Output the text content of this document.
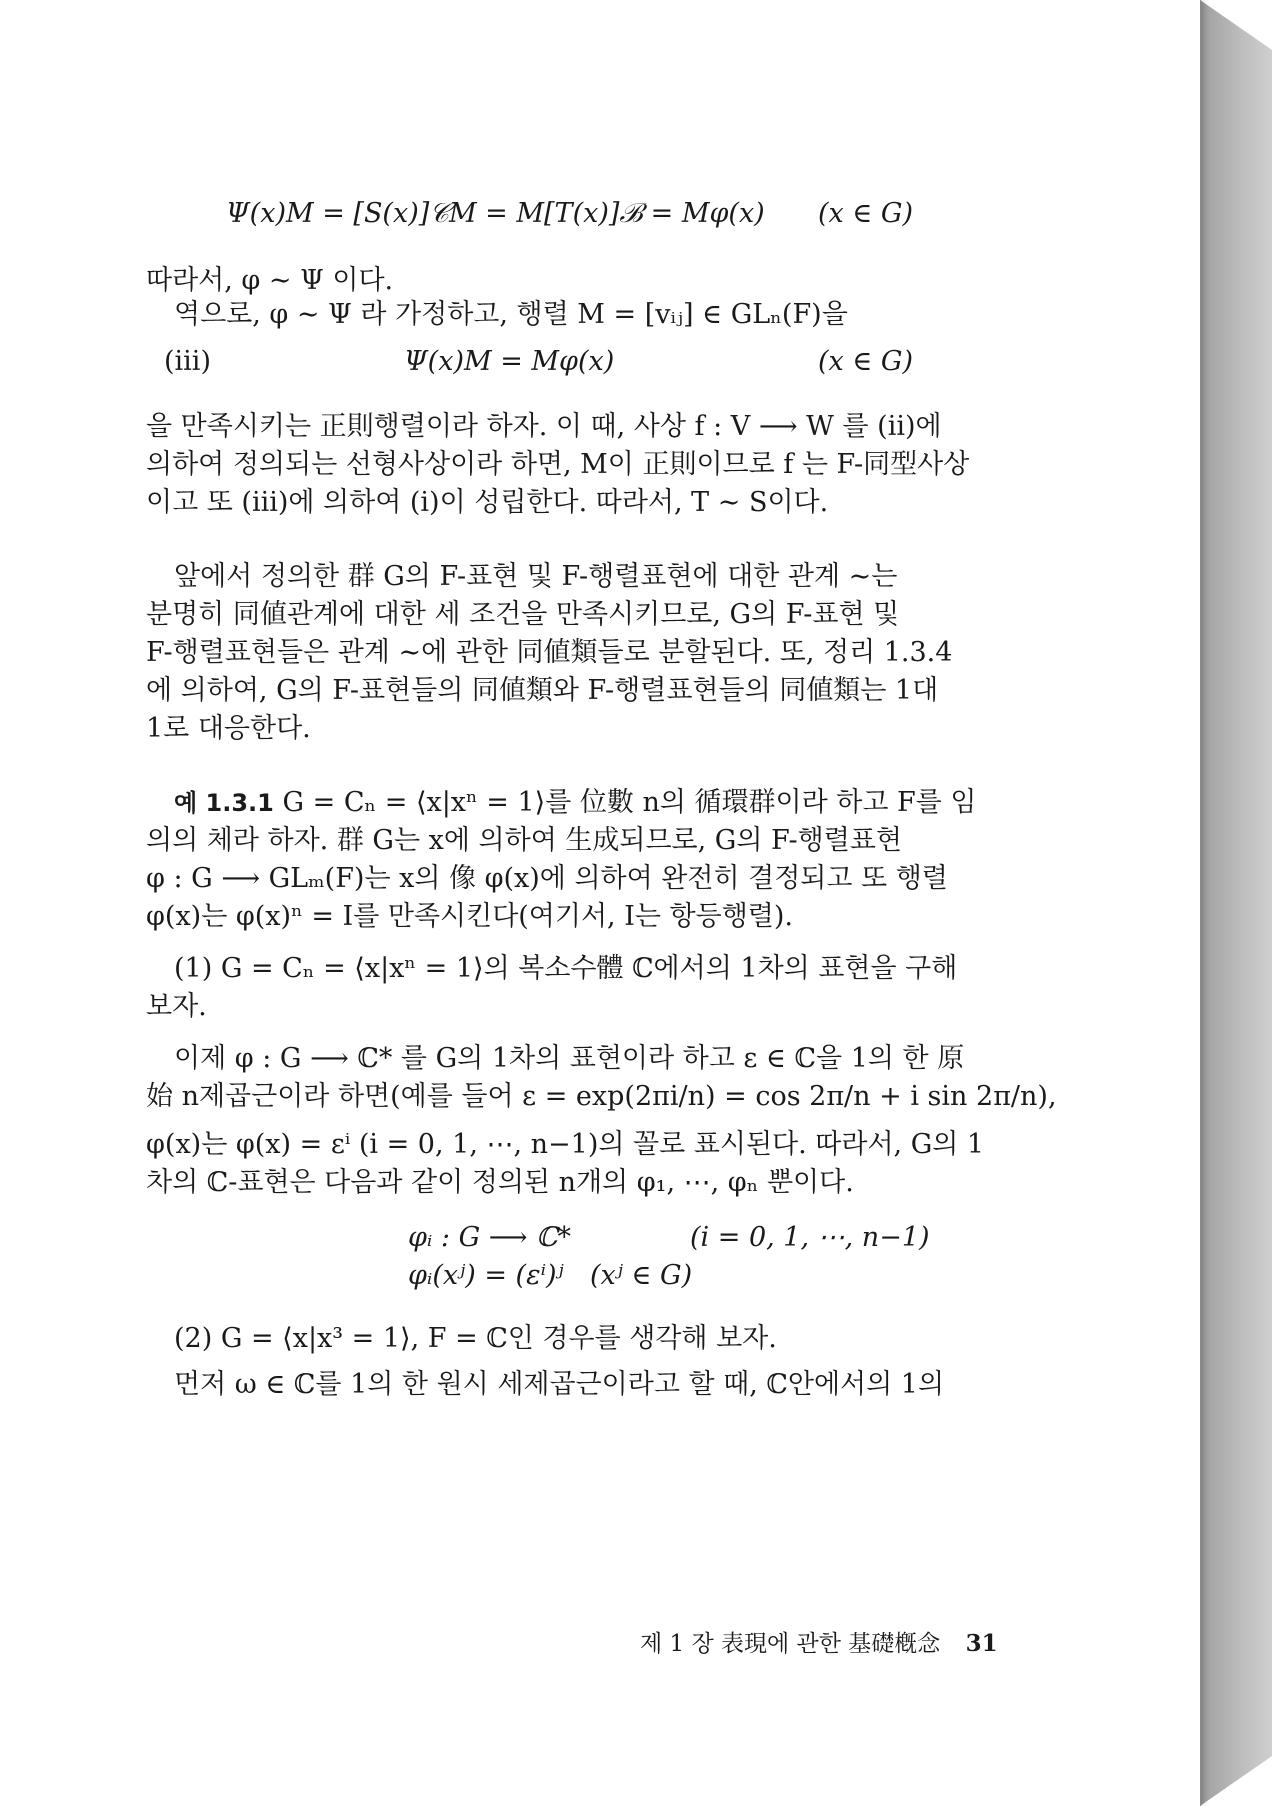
Ψ(x)M = [S(x)]𝒞M = M[T(x)]ℬ = Mφ(x) (x ∈ G)
따라서, φ ∼ Ψ 이다.
역으로, φ ∼ Ψ 라 가정하고, 행렬 M = [vᵢⱼ] ∈ GLₙ(F)을
(iii)	Ψ(x)M = Mφ(x)	(x ∈ G)
을 만족시키는 正則행렬이라 하자. 이 때, 사상 f : V ⟶ W 를 (ii)에
의하여 정의되는 선형사상이라 하면, M이 正則이므로 f 는 F-同型사상
이고 또 (iii)에 의하여 (i)이 성립한다. 따라서, T ∼ S이다.
앞에서 정의한 群 G의 F-표현 및 F-행렬표현에 대한 관계 ∼는
분명히 同値관계에 대한 세 조건을 만족시키므로, G의 F-표현 및
F-행렬표현들은 관계 ∼에 관한 同値類들로 분할된다. 또, 정리 1.3.4
에 의하여, G의 F-표현들의 同値類와 F-행렬표현들의 同値類는 1대
1로 대응한다.
예 1.3.1 G = Cₙ = ⟨x|xⁿ = 1⟩를 位數 n의 循環群이라 하고 F를 임
의의 체라 하자. 群 G는 x에 의하여 生成되므로, G의 F-행렬표현
φ : G ⟶ GLₘ(F)는 x의 像 φ(x)에 의하여 완전히 결정되고 또 행렬
φ(x)는 φ(x)ⁿ = I를 만족시킨다(여기서, I는 항등행렬).
(1) G = Cₙ = ⟨x|xⁿ = 1⟩의 복소수體 ℂ에서의 1차의 표현을 구해
보자.
이제 φ : G ⟶ ℂ* 를 G의 1차의 표현이라 하고 ε ∈ ℂ을 1의 한 原
始 n제곱근이라 하면(예를 들어 ε = exp(2πi/n) = cos 2π/n + i sin 2π/n),
φ(x)는 φ(x) = εⁱ (i = 0, 1, ⋯, n−1)의 꼴로 표시된다. 따라서, G의 1
차의 ℂ-표현은 다음과 같이 정의된 n개의 φ₁, ⋯, φₙ 뿐이다.
φᵢ : G ⟶ ℂ*	(i = 0, 1, ⋯, n−1)
φᵢ(xʲ) = (εⁱ)ʲ (xʲ ∈ G)
(2) G = ⟨x|x³ = 1⟩, F = ℂ인 경우를 생각해 보자.
먼저 ω ∈ ℂ를 1의 한 원시 세제곱근이라고 할 때, ℂ안에서의 1의
제 1 장 表現에 관한 基礎槪念 31
